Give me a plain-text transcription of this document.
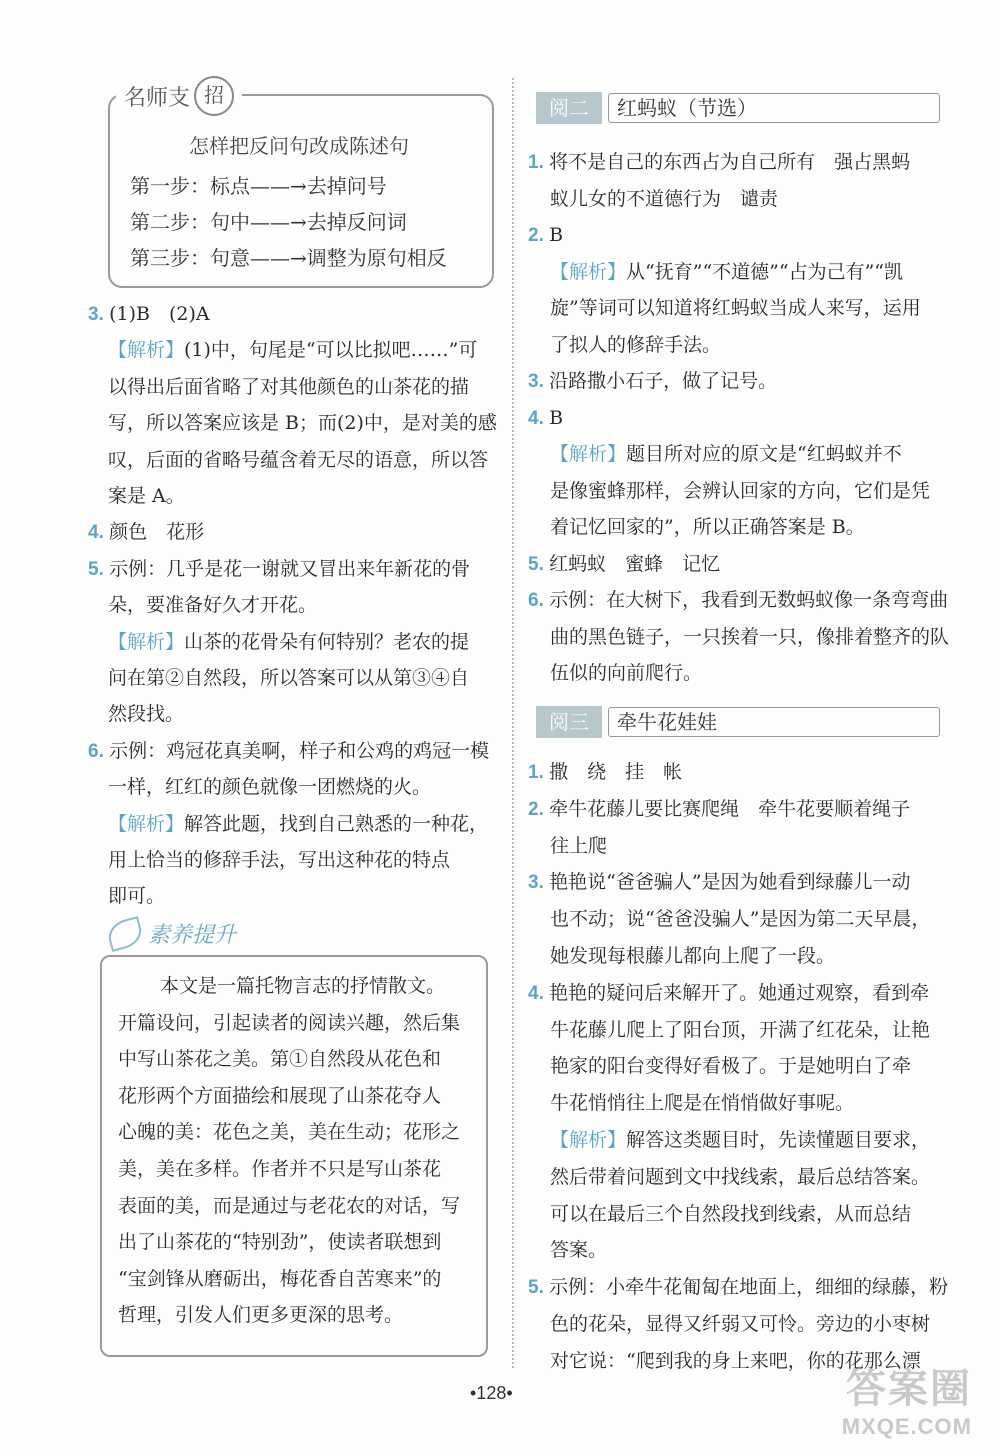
名师支 招
怎样把反问句改成陈述句
第一步：标点——→去掉问号
第二步：句中——→去掉反问词
第三步：句意——→调整为原句相反
3. (1)B　(2)A
【解析】(1)中，句尾是“可以比拟吧……”可
以得出后面省略了对其他颜色的山茶花的描
写，所以答案应该是 B；而(2)中，是对美的感
叹，后面的省略号蕴含着无尽的语意，所以答
案是 A。
4. 颜色　花形
5. 示例：几乎是花一谢就又冒出来年新花的骨
朵，要准备好久才开花。
【解析】山茶的花骨朵有何特别？老农的提
问在第②自然段，所以答案可以从第③④自
然段找。
6. 示例：鸡冠花真美啊，样子和公鸡的鸡冠一模
一样，红红的颜色就像一团燃烧的火。
【解析】解答此题，找到自己熟悉的一种花，
用上恰当的修辞手法，写出这种花的特点
即可。
素养提升
本文是一篇托物言志的抒情散文。
开篇设问，引起读者的阅读兴趣，然后集
中写山茶花之美。第①自然段从花色和
花形两个方面描绘和展现了山茶花夺人
心魄的美：花色之美，美在生动；花形之
美，美在多样。作者并不只是写山茶花
表面的美，而是通过与老花农的对话，写
出了山茶花的“特别劲”，使读者联想到
“宝剑锋从磨砺出，梅花香自苦寒来”的
哲理，引发人们更多更深的思考。
阅二	红蚂蚁（节选）
1. 将不是自己的东西占为自己所有　强占黑蚂
蚁儿女的不道德行为　谴责
2. B
【解析】从“抚育”“不道德”“占为己有”“凯
旋”等词可以知道将红蚂蚁当成人来写，运用
了拟人的修辞手法。
3. 沿路撒小石子，做了记号。
4. B
【解析】题目所对应的原文是“红蚂蚁并不
是像蜜蜂那样，会辨认回家的方向，它们是凭
着记忆回家的”，所以正确答案是 B。
5. 红蚂蚁　蜜蜂　记忆
6. 示例：在大树下，我看到无数蚂蚁像一条弯弯曲
曲的黑色链子，一只挨着一只，像排着整齐的队
伍似的向前爬行。
阅三	牵牛花娃娃
1. 撒　绕　挂　帐
2. 牵牛花藤儿要比赛爬绳　牵牛花要顺着绳子
往上爬
3. 艳艳说“爸爸骗人”是因为她看到绿藤儿一动
也不动；说“爸爸没骗人”是因为第二天早晨，
她发现每根藤儿都向上爬了一段。
4. 艳艳的疑问后来解开了。她通过观察，看到牵
牛花藤儿爬上了阳台顶，开满了红花朵，让艳
艳家的阳台变得好看极了。于是她明白了牵
牛花悄悄往上爬是在悄悄做好事呢。
【解析】解答这类题目时，先读懂题目要求，
然后带着问题到文中找线索，最后总结答案。
可以在最后三个自然段找到线索，从而总结
答案。
5. 示例：小牵牛花匍匐在地面上，细细的绿藤，粉
色的花朵，显得又纤弱又可怜。旁边的小枣树
对它说：“爬到我的身上来吧，你的花那么漂
•128•	答案圈
MXQE.COM
